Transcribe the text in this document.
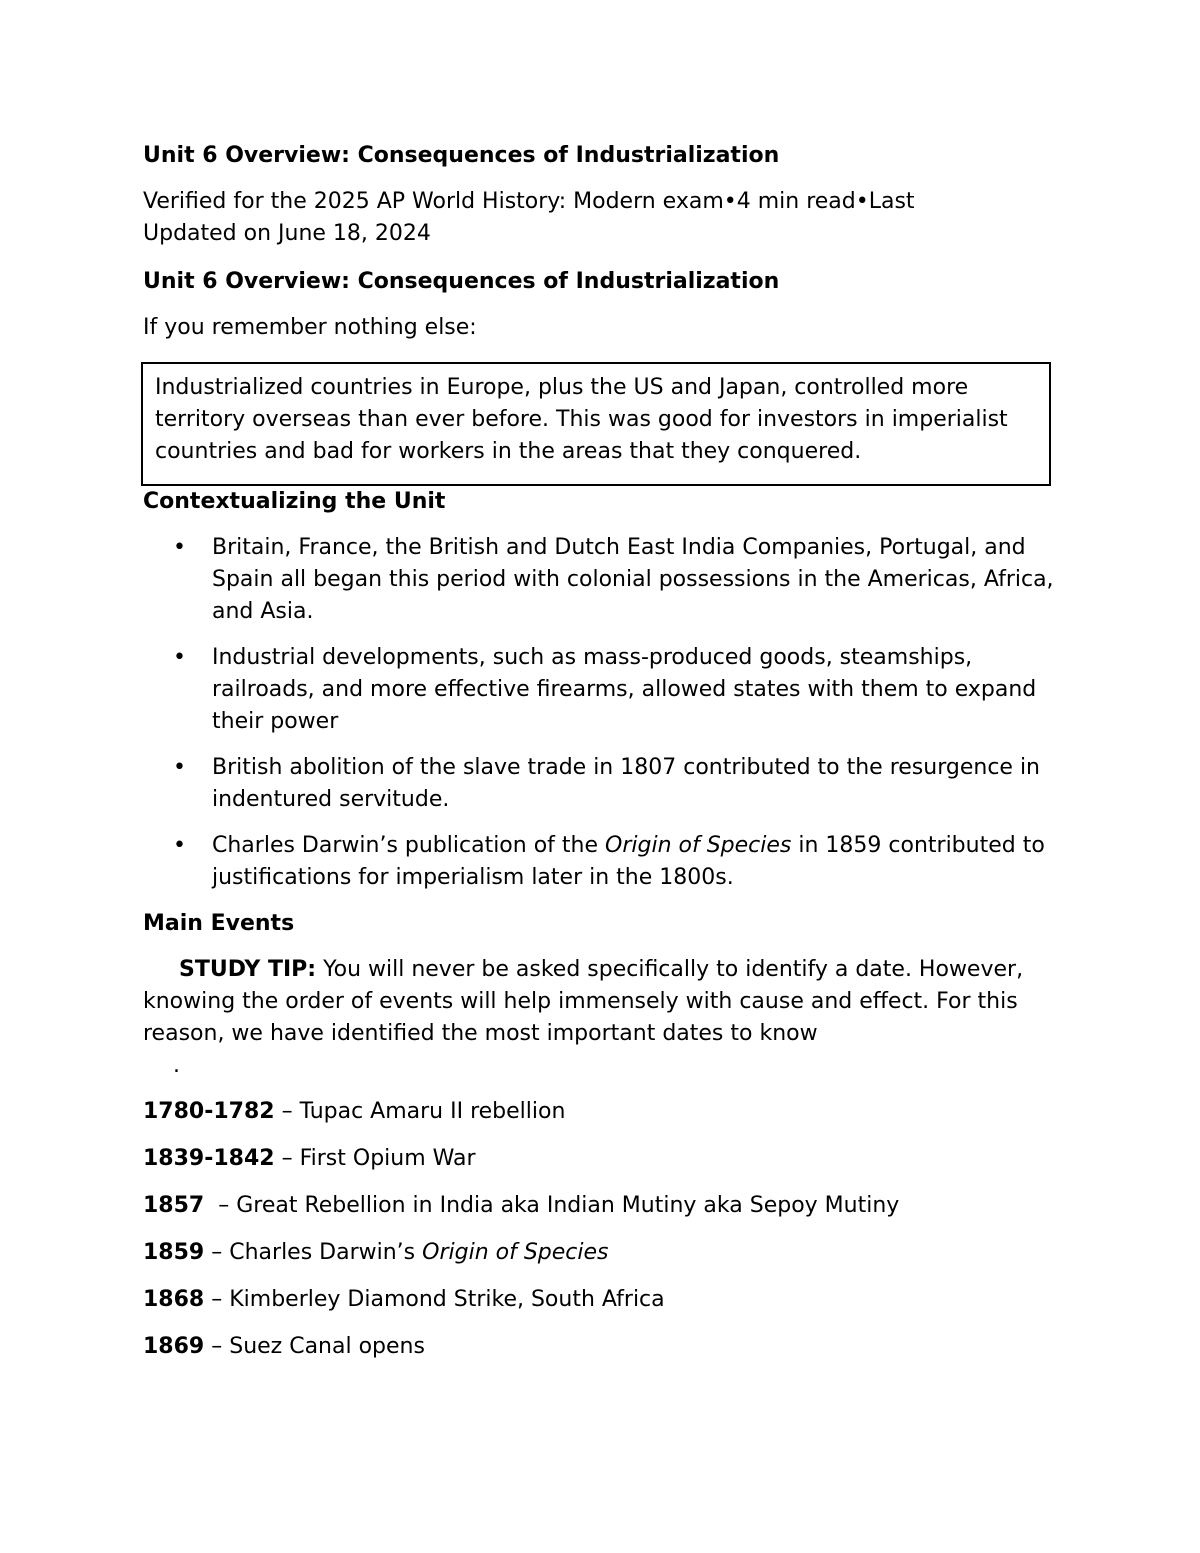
Unit 6 Overview: Consequences of Industrialization

Verified for the 2025 AP World History: Modern exam•4 min read•Last
Updated on June 18, 2024

Unit 6 Overview: Consequences of Industrialization

If you remember nothing else:

Industrialized countries in Europe, plus the US and Japan, controlled more territory overseas than ever before. This was good for investors in imperialist countries and bad for workers in the areas that they conquered.

Contextualizing the Unit

• Britain, France, the British and Dutch East India Companies, Portugal, and Spain all began this period with colonial possessions in the Americas, Africa, and Asia.
• Industrial developments, such as mass-produced goods, steamships, railroads, and more effective firearms, allowed states with them to expand their power
• British abolition of the slave trade in 1807 contributed to the resurgence in indentured servitude.
• Charles Darwin’s publication of the Origin of Species in 1859 contributed to justifications for imperialism later in the 1800s.

Main Events

STUDY TIP: You will never be asked specifically to identify a date. However, knowing the order of events will help immensely with cause and effect. For this reason, we have identified the most important dates to know

.

1780-1782 – Tupac Amaru II rebellion

1839-1842 – First Opium War

1857  – Great Rebellion in India aka Indian Mutiny aka Sepoy Mutiny

1859 – Charles Darwin’s Origin of Species

1868 – Kimberley Diamond Strike, South Africa

1869 – Suez Canal opens
